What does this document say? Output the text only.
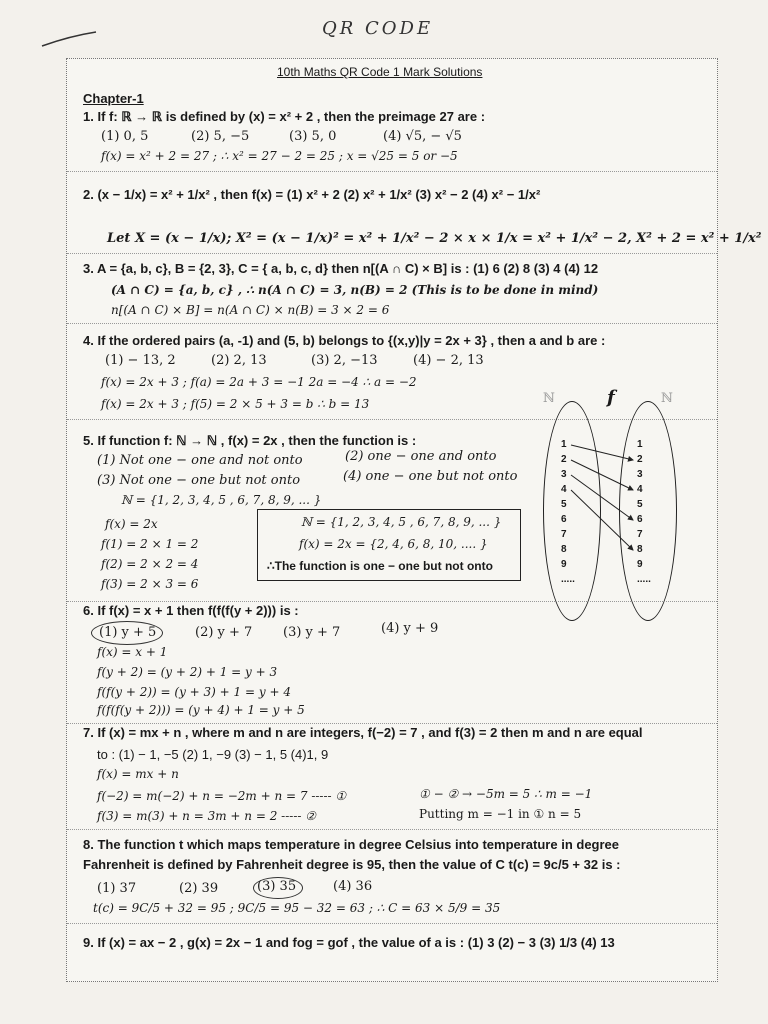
QR CODE
10th Maths QR Code 1 Mark Solutions
Chapter-1
1. If f: ℝ → ℝ is defined by (x) = x² + 2 , then the preimage 27 are :
(1) 0, 5	(2) 5, −5	(3) 5, 0	(4) √5, − √5
f(x) = x² + 2 = 27 ; ∴ x² = 27 − 2 = 25 ; x = √25 = 5 or −5
2. (x − 1/x) = x² + 1/x² , then f(x) = (1) x² + 2 (2) x² + 1/x² (3) x² − 2 (4) x² − 1/x²
Let X = (x − 1/x); X² = (x − 1/x)² = x² + 1/x² − 2 × x × 1/x = x² + 1/x² − 2, X² + 2 = x² + 1/x²
3. A = {a, b, c}, B = {2, 3}, C = { a, b, c, d} then n[(A ∩ C) × B] is : (1) 6 (2) 8 (3) 4 (4) 12
(A ∩ C) = {a, b, c} , ∴ n(A ∩ C) = 3, n(B) = 2 (This is to be done in mind)
n[(A ∩ C) × B] = n(A ∩ C) × n(B) = 3 × 2 = 6
4. If the ordered pairs (a, -1) and (5, b) belongs to {(x,y)|y = 2x + 3} , then a and b are :
(1) − 13, 2	(2) 2, 13	(3) 2, −13	(4) − 2, 13
f(x) = 2x + 3 ; f(a) = 2a + 3 = −1 2a = −4 ∴ a = −2
f(x) = 2x + 3 ; f(5) = 2 × 5 + 3 = b ∴ b = 13
5. If function f: ℕ → ℕ , f(x) = 2x , then the function is :
(1) Not one − one and not onto	(2) one − one and onto
(3) Not one − one but not onto	(4) one − one but not onto
ℕ = {1, 2, 3, 4, 5 , 6, 7, 8, 9, ... }
f(x) = 2x
f(1) = 2 × 1 = 2
f(2) = 2 × 2 = 4
f(3) = 2 × 3 = 6
ℕ = {1, 2, 3, 4, 5 , 6, 7, 8, 9, ... }
f(x) = 2x = {2, 4, 6, 8, 10, .... }
∴The function is one − one but not onto
ℕ	f	ℕ
1
2
3
4
5
6
7
8
9
.....
1
2
3
4
5
6
7
8
9
.....
6. If f(x) = x + 1 then f(f(f(y + 2))) is :
(1) y + 5	(2) y + 7 (3) y + 7	(4) y + 9
f(x) = x + 1
f(y + 2) = (y + 2) + 1 = y + 3
f(f(y + 2)) = (y + 3) + 1 = y + 4
f(f(f(y + 2))) = (y + 4) + 1 = y + 5
7. If (x) = mx + n , where m and n are integers, f(−2) = 7 , and f(3) = 2 then m and n are equal
to : (1) − 1, −5 (2) 1, −9 (3) − 1, 5 (4)1, 9
f(x) = mx + n
f(−2) = m(−2) + n = −2m + n = 7 ----- ①
f(3) = m(3) + n = 3m + n = 2 ----- ②
① − ② → −5m = 5 ∴ m = −1
Putting m = −1 in ① n = 5
8. The function t which maps temperature in degree Celsius into temperature in degree
Fahrenheit is defined by Fahrenheit degree is 95, then the value of C t(c) = 9c/5 + 32 is :
(1) 37	(2) 39	(3) 35	(4) 36
t(c) = 9C/5 + 32 = 95 ; 9C/5 = 95 − 32 = 63 ; ∴ C = 63 × 5/9 = 35
9. If (x) = ax − 2 , g(x) = 2x − 1 and fog = gof , the value of a is : (1) 3 (2) − 3 (3) 1/3 (4) 13
